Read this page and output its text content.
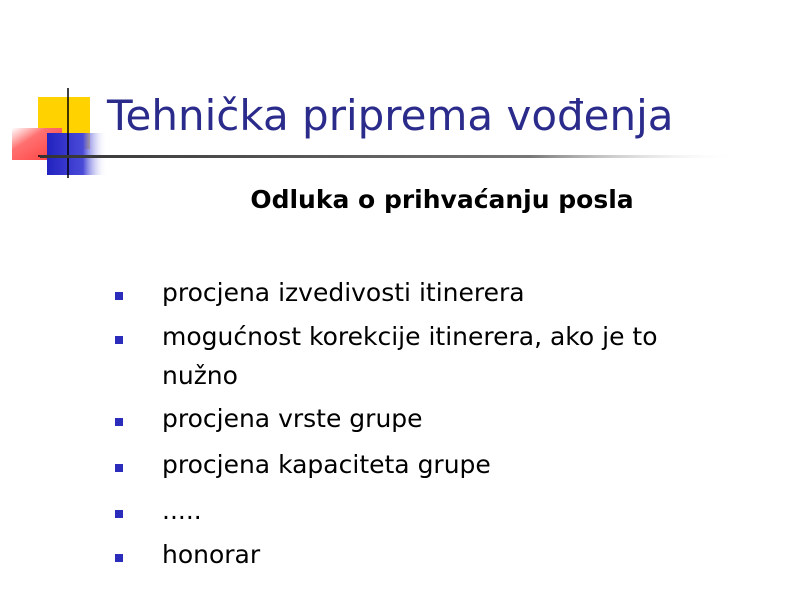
Tehnička priprema vođenja

Odluka o prihvaćanju posla

procjena izvedivosti itinerera
mogućnost korekcije itinerera, ako je to nužno
procjena vrste grupe
procjena kapaciteta grupe
.....
honorar
